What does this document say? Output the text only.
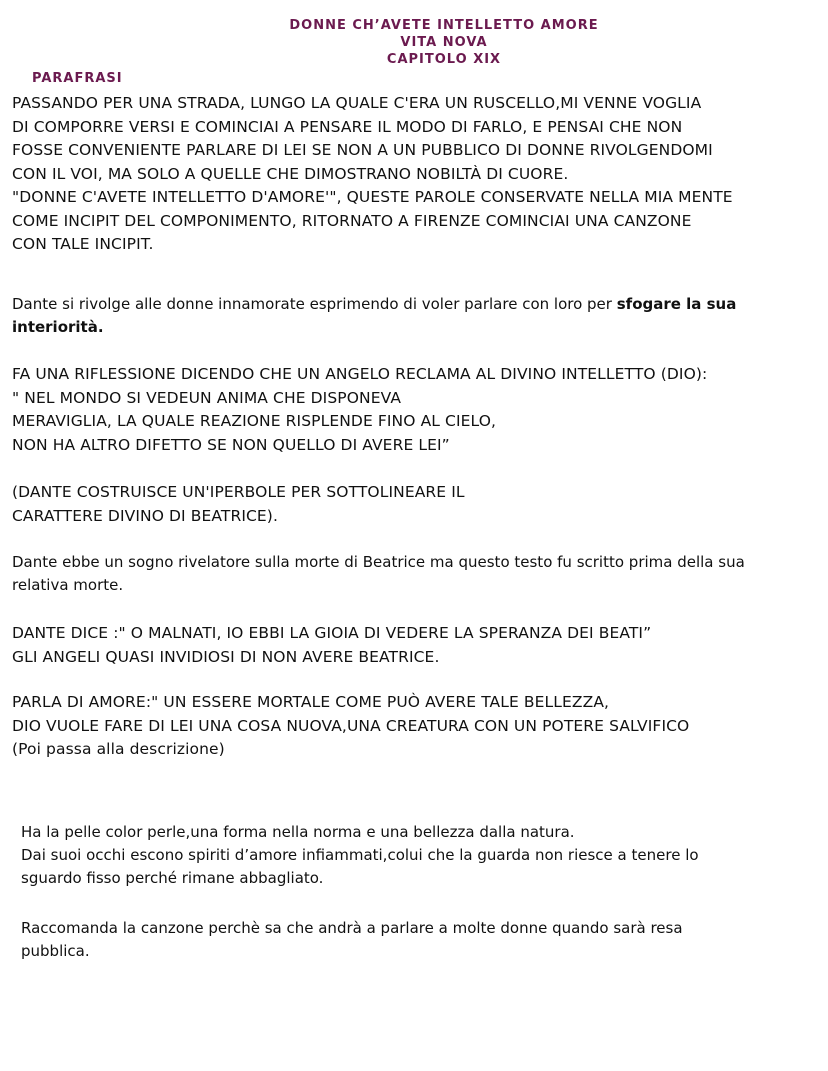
DONNE CH’AVETE INTELLETTO AMORE
VITA NOVA
CAPITOLO XIX
PARAFRASI
PASSANDO PER UNA STRADA, LUNGO LA QUALE C'ERA UN RUSCELLO,MI VENNE VOGLIA
DI COMPORRE VERSI E COMINCIAI A PENSARE IL MODO DI FARLO, E PENSAI CHE NON
FOSSE CONVENIENTE PARLARE DI LEI SE NON A UN PUBBLICO DI DONNE RIVOLGENDOMI
CON IL VOI, MA SOLO A QUELLE CHE DIMOSTRANO NOBILTÀ DI CUORE.
"DONNE C'AVETE INTELLETTO D'AMORE'", QUESTE PAROLE CONSERVATE NELLA MIA MENTE
COME INCIPIT DEL COMPONIMENTO, RITORNATO A FIRENZE COMINCIAI UNA CANZONE
CON TALE INCIPIT.
Dante si rivolge alle donne innamorate esprimendo di voler parlare con loro per sfogare la sua
interiorità.
FA UNA RIFLESSIONE DICENDO CHE UN ANGELO RECLAMA AL DIVINO INTELLETTO (DIO):
" NEL MONDO SI VEDEUN ANIMA CHE DISPONEVA
MERAVIGLIA, LA QUALE REAZIONE RISPLENDE FINO AL CIELO,
NON HA ALTRO DIFETTO SE NON QUELLO DI AVERE LEI”
(DANTE COSTRUISCE UN'IPERBOLE PER SOTTOLINEARE IL
CARATTERE DIVINO DI BEATRICE).
Dante ebbe un sogno rivelatore sulla morte di Beatrice ma questo testo fu scritto prima della sua
relativa morte.
DANTE DICE :" O MALNATI, IO EBBI LA GIOIA DI VEDERE LA SPERANZA DEI BEATI”
GLI ANGELI QUASI INVIDIOSI DI NON AVERE BEATRICE.
PARLA DI AMORE:" UN ESSERE MORTALE COME PUÒ AVERE TALE BELLEZZA,
DIO VUOLE FARE DI LEI UNA COSA NUOVA,UNA CREATURA CON UN POTERE SALVIFICO
(Poi passa alla descrizione)
Ha la pelle color perle,una forma nella norma e una bellezza dalla natura.
Dai suoi occhi escono spiriti d’amore infiammati,colui che la guarda non riesce a tenere lo
sguardo fisso perché rimane abbagliato.
Raccomanda la canzone perchè sa che andrà a parlare a molte donne quando sarà resa
pubblica.
